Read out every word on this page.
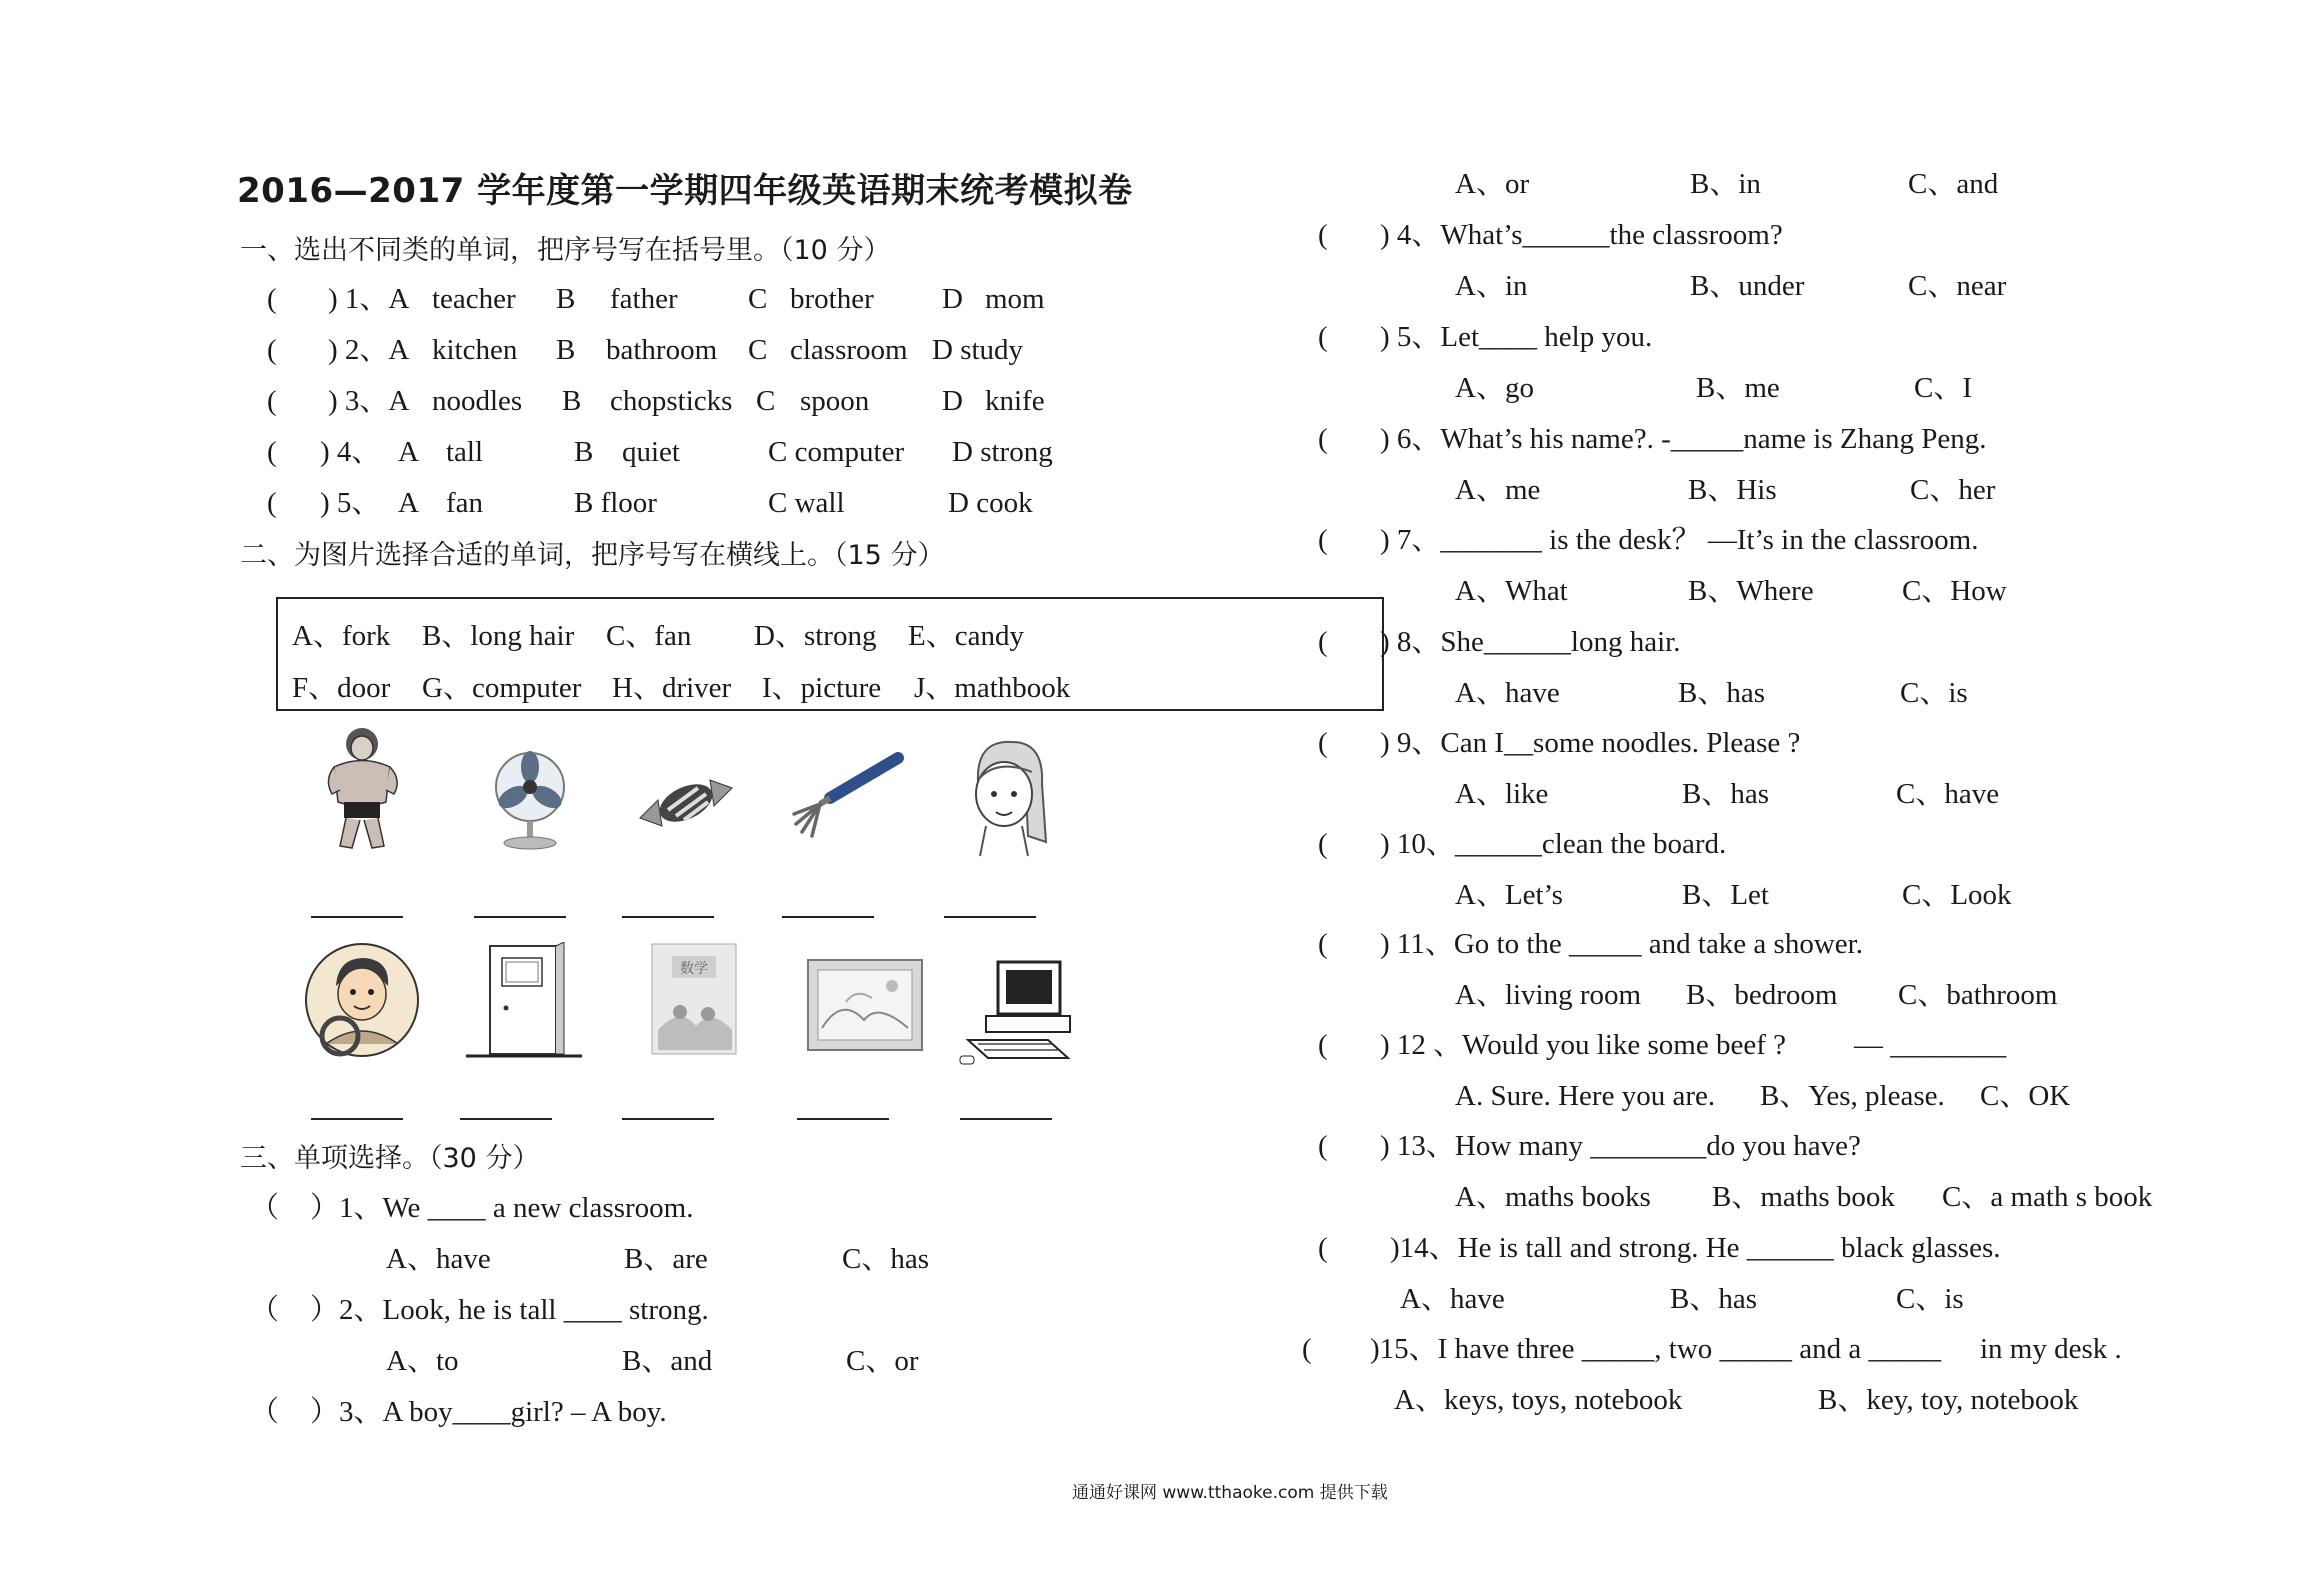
2016—2017 学年度第一学期四年级英语期末统考模拟卷
一、选出不同类的单词，把序号写在括号里。（10 分）
( ) 1、A teacher B father C brother D mom
( ) 2、A kitchen B bathroom C classroom D study
( ) 3、A noodles B chopsticks C spoon	D knife
( ) 4、 A tall	B quiet	C computer D strong
( ) 5、 A fan	B floor	C wall	D cook
二、为图片选择合适的单词，把序号写在横线上。（15 分）
A、fork B、long hair C、fan D、strong E、candy
F、door G、computer H、driver I、picture J、mathbook
数学
三、单项选择。（30 分）
（ ）1、We ____ a new classroom.
A、have	B、are	C、has
（ ）2、Look, he is tall ____ strong.
A、to	B、and	C、or
（ ）3、A boy____girl? – A boy.
A、or	B、in	C、and
( ) 4、What’s______the classroom?
A、in	B、under	C、near
( ) 5、Let____ help you.
A、go	B、me	C、I
( ) 6、What’s his name?. -_____name is Zhang Peng.
A、me	B、His	C、her
( ) 7、_______ is the desk？ —It’s in the classroom.
A、What	B、Where	C、How
( ) 8、She______long hair.
A、have	B、has	C、is
( ) 9、Can I__some noodles. Please ?
A、like	B、has	C、have
( ) 10、______clean the board.
A、Let’s	B、Let	C、Look
( ) 11、Go to the _____ and take a shower.
A、living room B、bedroom C、bathroom
( ) 12 、Would you like some beef ? — ________
A. Sure. Here you are. B、Yes, please. C、OK
( ) 13、How many ________do you have?
A、maths books B、maths book C、a math s book
( )14、He is tall and strong. He ______ black glasses.
A、have	B、has	C、is
( )15、I have three _____, two _____ and a _____ in my desk .
A、keys, toys, notebook	B、key, toy, notebook
通通好课网 www.tthaoke.com 提供下载
